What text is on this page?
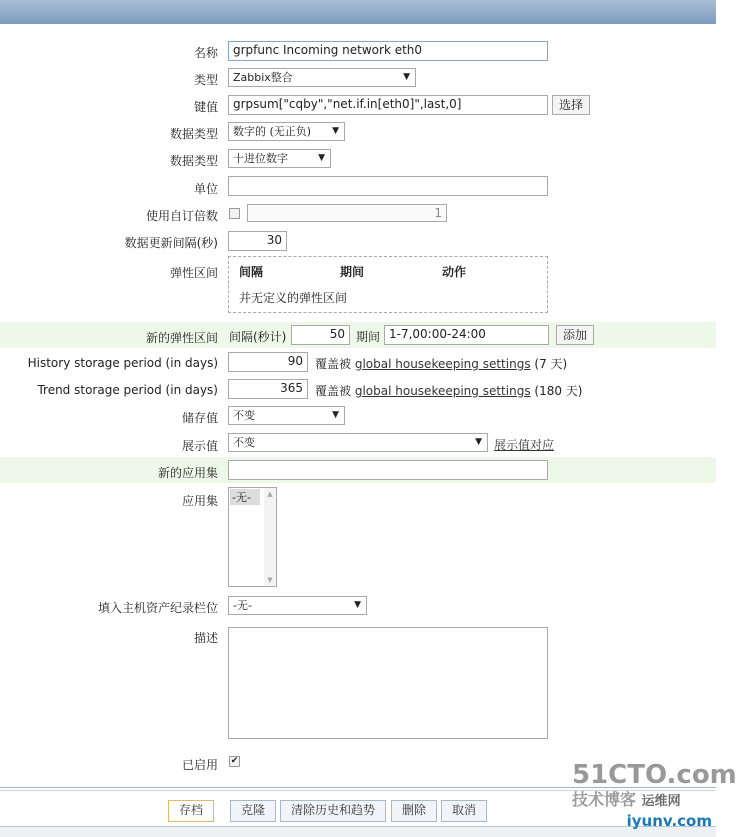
名称	grpfunc Incoming network eth0
类型	Zabbix整合	▼
键值	grpsum["cqby","net.if.in[eth0]",last,0]	选择
数据类型	数字的 (无正负) ▼
数据类型	十进位数字	▼
单位
使用自订倍数	1
数据更新间隔(秒)	30
弹性区间 间隔	期间	动作
并无定义的弹性区间
新的弹性区间 间隔(秒计)	50 期间 1-7,00:00-24:00	添加
History storage period (in days)	90	覆盖被 global housekeeping settings (7 天)
Trend storage period (in days)	365	覆盖被 global housekeeping settings (180 天)
储存值	不变	▼
展示值	不变	▼ 展示值对应
新的应用集
应用集 -无-	▲
▼
填入主机资产纪录栏位	-无-	▼
描述
已启用 ✔
存档	克隆	清除历史和趋势	删除	取消
51CTO.com
技术博客 运维网
iyunv.com
